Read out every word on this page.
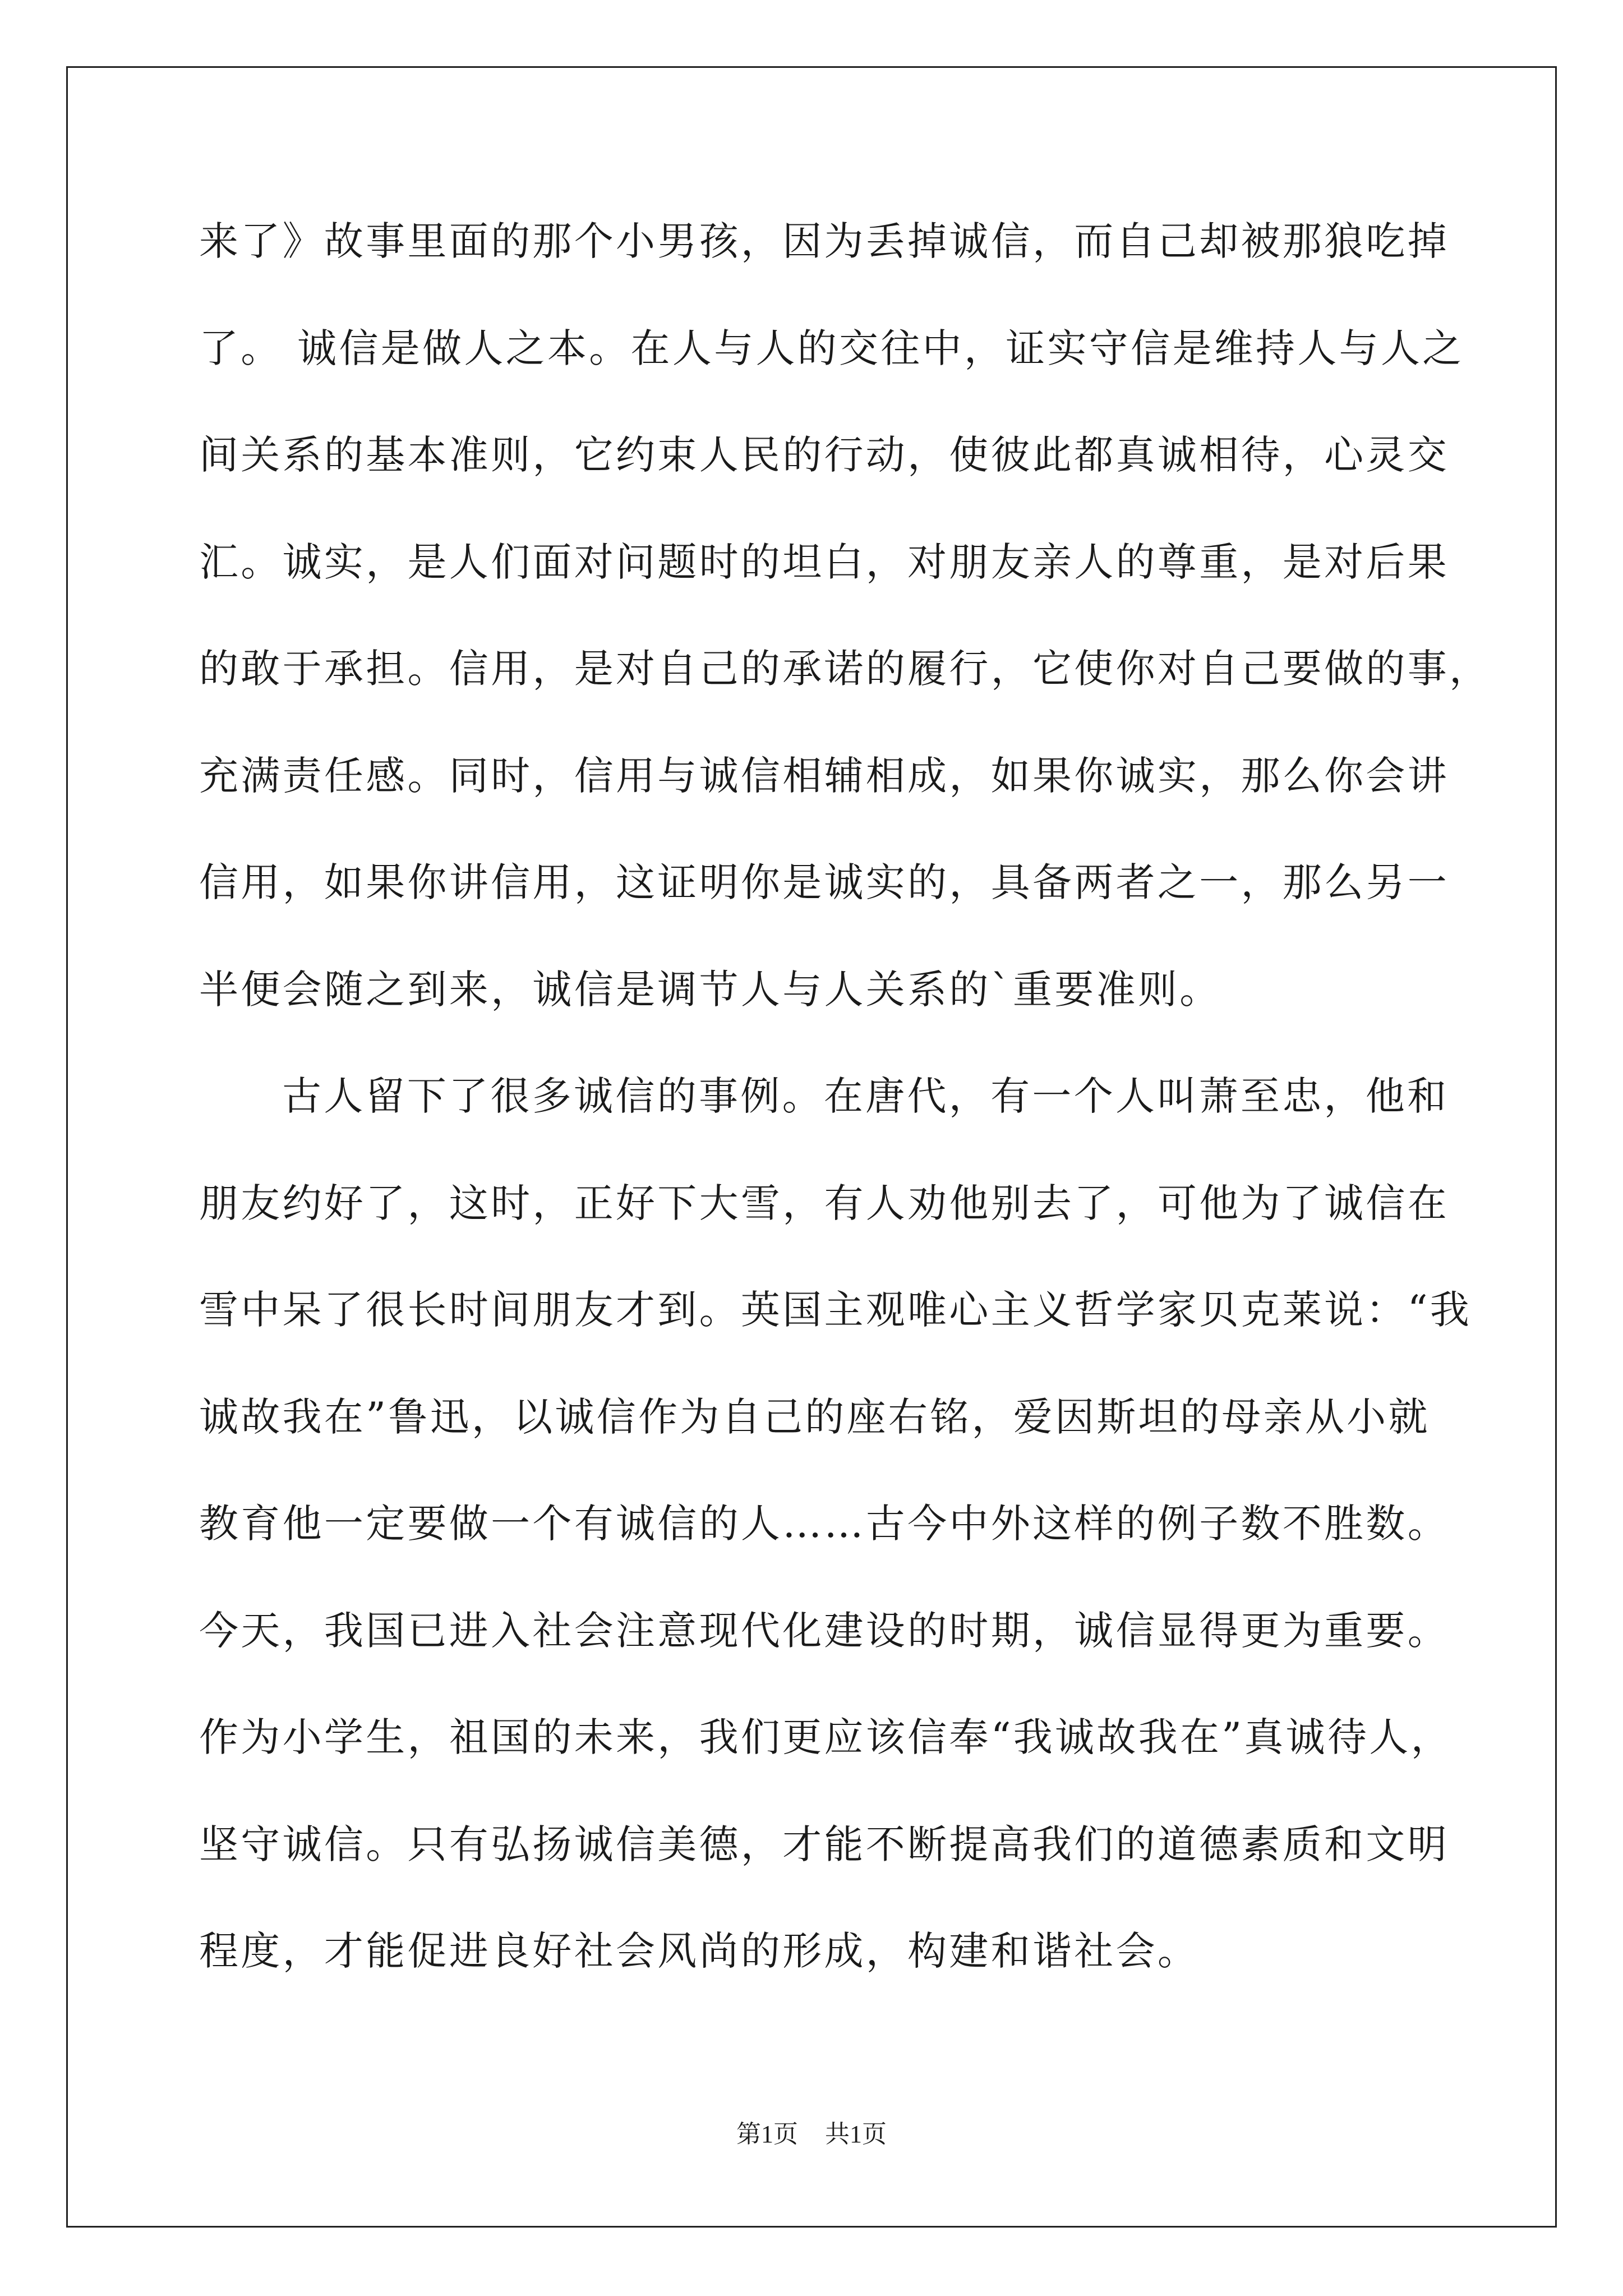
来了》故事里面的那个小男孩，因为丢掉诚信，而自己却被那狼吃掉
了。 诚信是做人之本。在人与人的交往中，证实守信是维持人与人之
间关系的基本准则，它约束人民的行动，使彼此都真诚相待，心灵交
汇。诚实，是人们面对问题时的坦白，对朋友亲人的尊重，是对后果
的敢于承担。信用，是对自己的承诺的履行，它使你对自己要做的事，
充满责任感。同时，信用与诚信相辅相成，如果你诚实，那么你会讲
信用，如果你讲信用，这证明你是诚实的，具备两者之一，那么另一
半便会随之到来，诚信是调节人与人关系的`重要准则。
古人留下了很多诚信的事例。在唐代，有一个人叫萧至忠，他和
朋友约好了，这时，正好下大雪，有人劝他别去了，可他为了诚信在
雪中呆了很长时间朋友才到。英国主观唯心主义哲学家贝克莱说：“我
诚故我在”鲁迅，以诚信作为自己的座右铭，爱因斯坦的母亲从小就
教育他一定要做一个有诚信的人……古今中外这样的例子数不胜数。
今天，我国已进入社会注意现代化建设的时期，诚信显得更为重要。
作为小学生，祖国的未来，我们更应该信奉“我诚故我在”真诚待人，
坚守诚信。只有弘扬诚信美德，才能不断提高我们的道德素质和文明
程度，才能促进良好社会风尚的形成，构建和谐社会。
第1页 共1页
